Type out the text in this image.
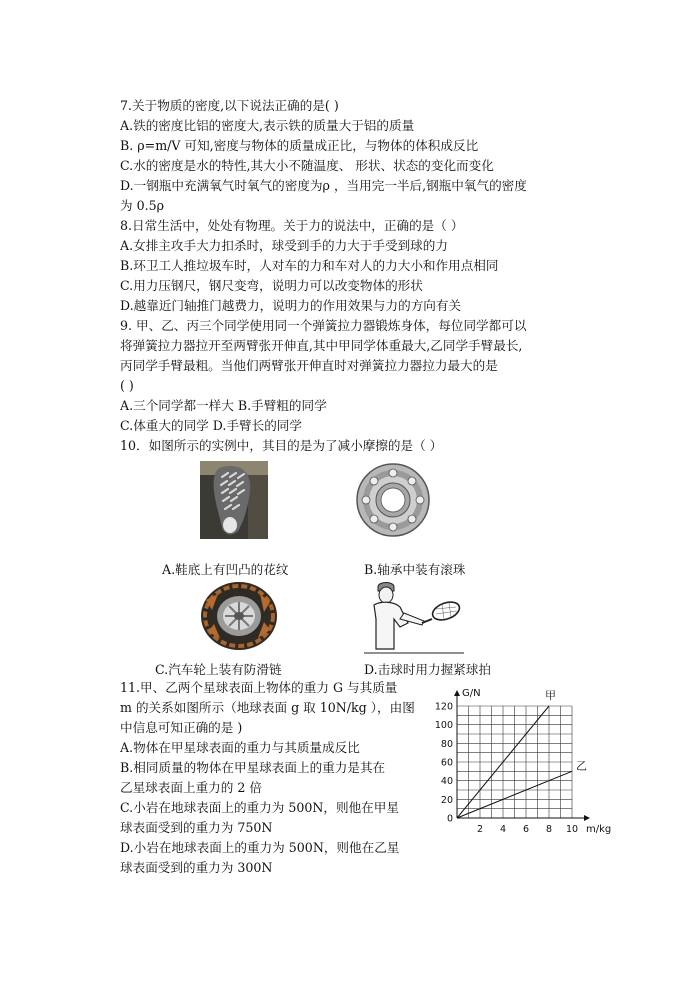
7.关于物质的密度,以下说法正确的是( )
A.铁的密度比铝的密度大,表示铁的质量大于铝的质量
B. ρ=m/V 可知,密度与物体的质量成正比，与物体的体积成反比
C.水的密度是水的特性,其大小不随温度、 形状、状态的变化而变化
D.一钢瓶中充满氧气时氧气的密度为ρ ，当用完一半后,钢瓶中氧气的密度
为 0.5ρ
8.日常生活中，处处有物理。关于力的说法中，正确的是（ ）
A.女排主攻手大力扣杀时，球受到手的力大于手受到球的力
B.环卫工人推垃圾车时，人对车的力和车对人的力大小和作用点相同
C.用力压钢尺，钢尺变弯，说明力可以改变物体的形状
D.越靠近门轴推门越费力，说明力的作用效果与力的方向有关
9. 甲、乙、丙三个同学使用同一个弹簧拉力器锻炼身体，每位同学都可以
将弹簧拉力器拉开至两臂张开伸直,其中甲同学体重最大,乙同学手臂最长,
丙同学手臂最粗。当他们两臂张开伸直时对弹簧拉力器拉力最大的是
( )
A.三个同学都一样大 B.手臂粗的同学
C.体重大的同学 D.手臂长的同学
10．如图所示的实例中，其目的是为了减小摩擦的是（ ）
A.鞋底上有凹凸的花纹	B.轴承中装有滚珠
C.汽车轮上装有防滑链	D.击球时用力握紧球拍
11.甲、乙两个星球表面上物体的重力 G 与其质量
m 的关系如图所示（地球表面 g 取 10N/kg ），由图
中信息可知正确的是 )
A.物体在甲星球表面的重力与其质量成反比
B.相同质量的物体在甲星球表面上的重力是其在
乙星球表面上重力的 2 倍
C.小岩在地球表面上的重力为 500N，则他在甲星
球表面受到的重力为 750N
D.小岩在地球表面上的重力为 500N，则他在乙星
球表面受到的重力为 300N
G/N
m/kg
0
20
40
60
80
100
120
2 4 6 8 10
甲
乙
